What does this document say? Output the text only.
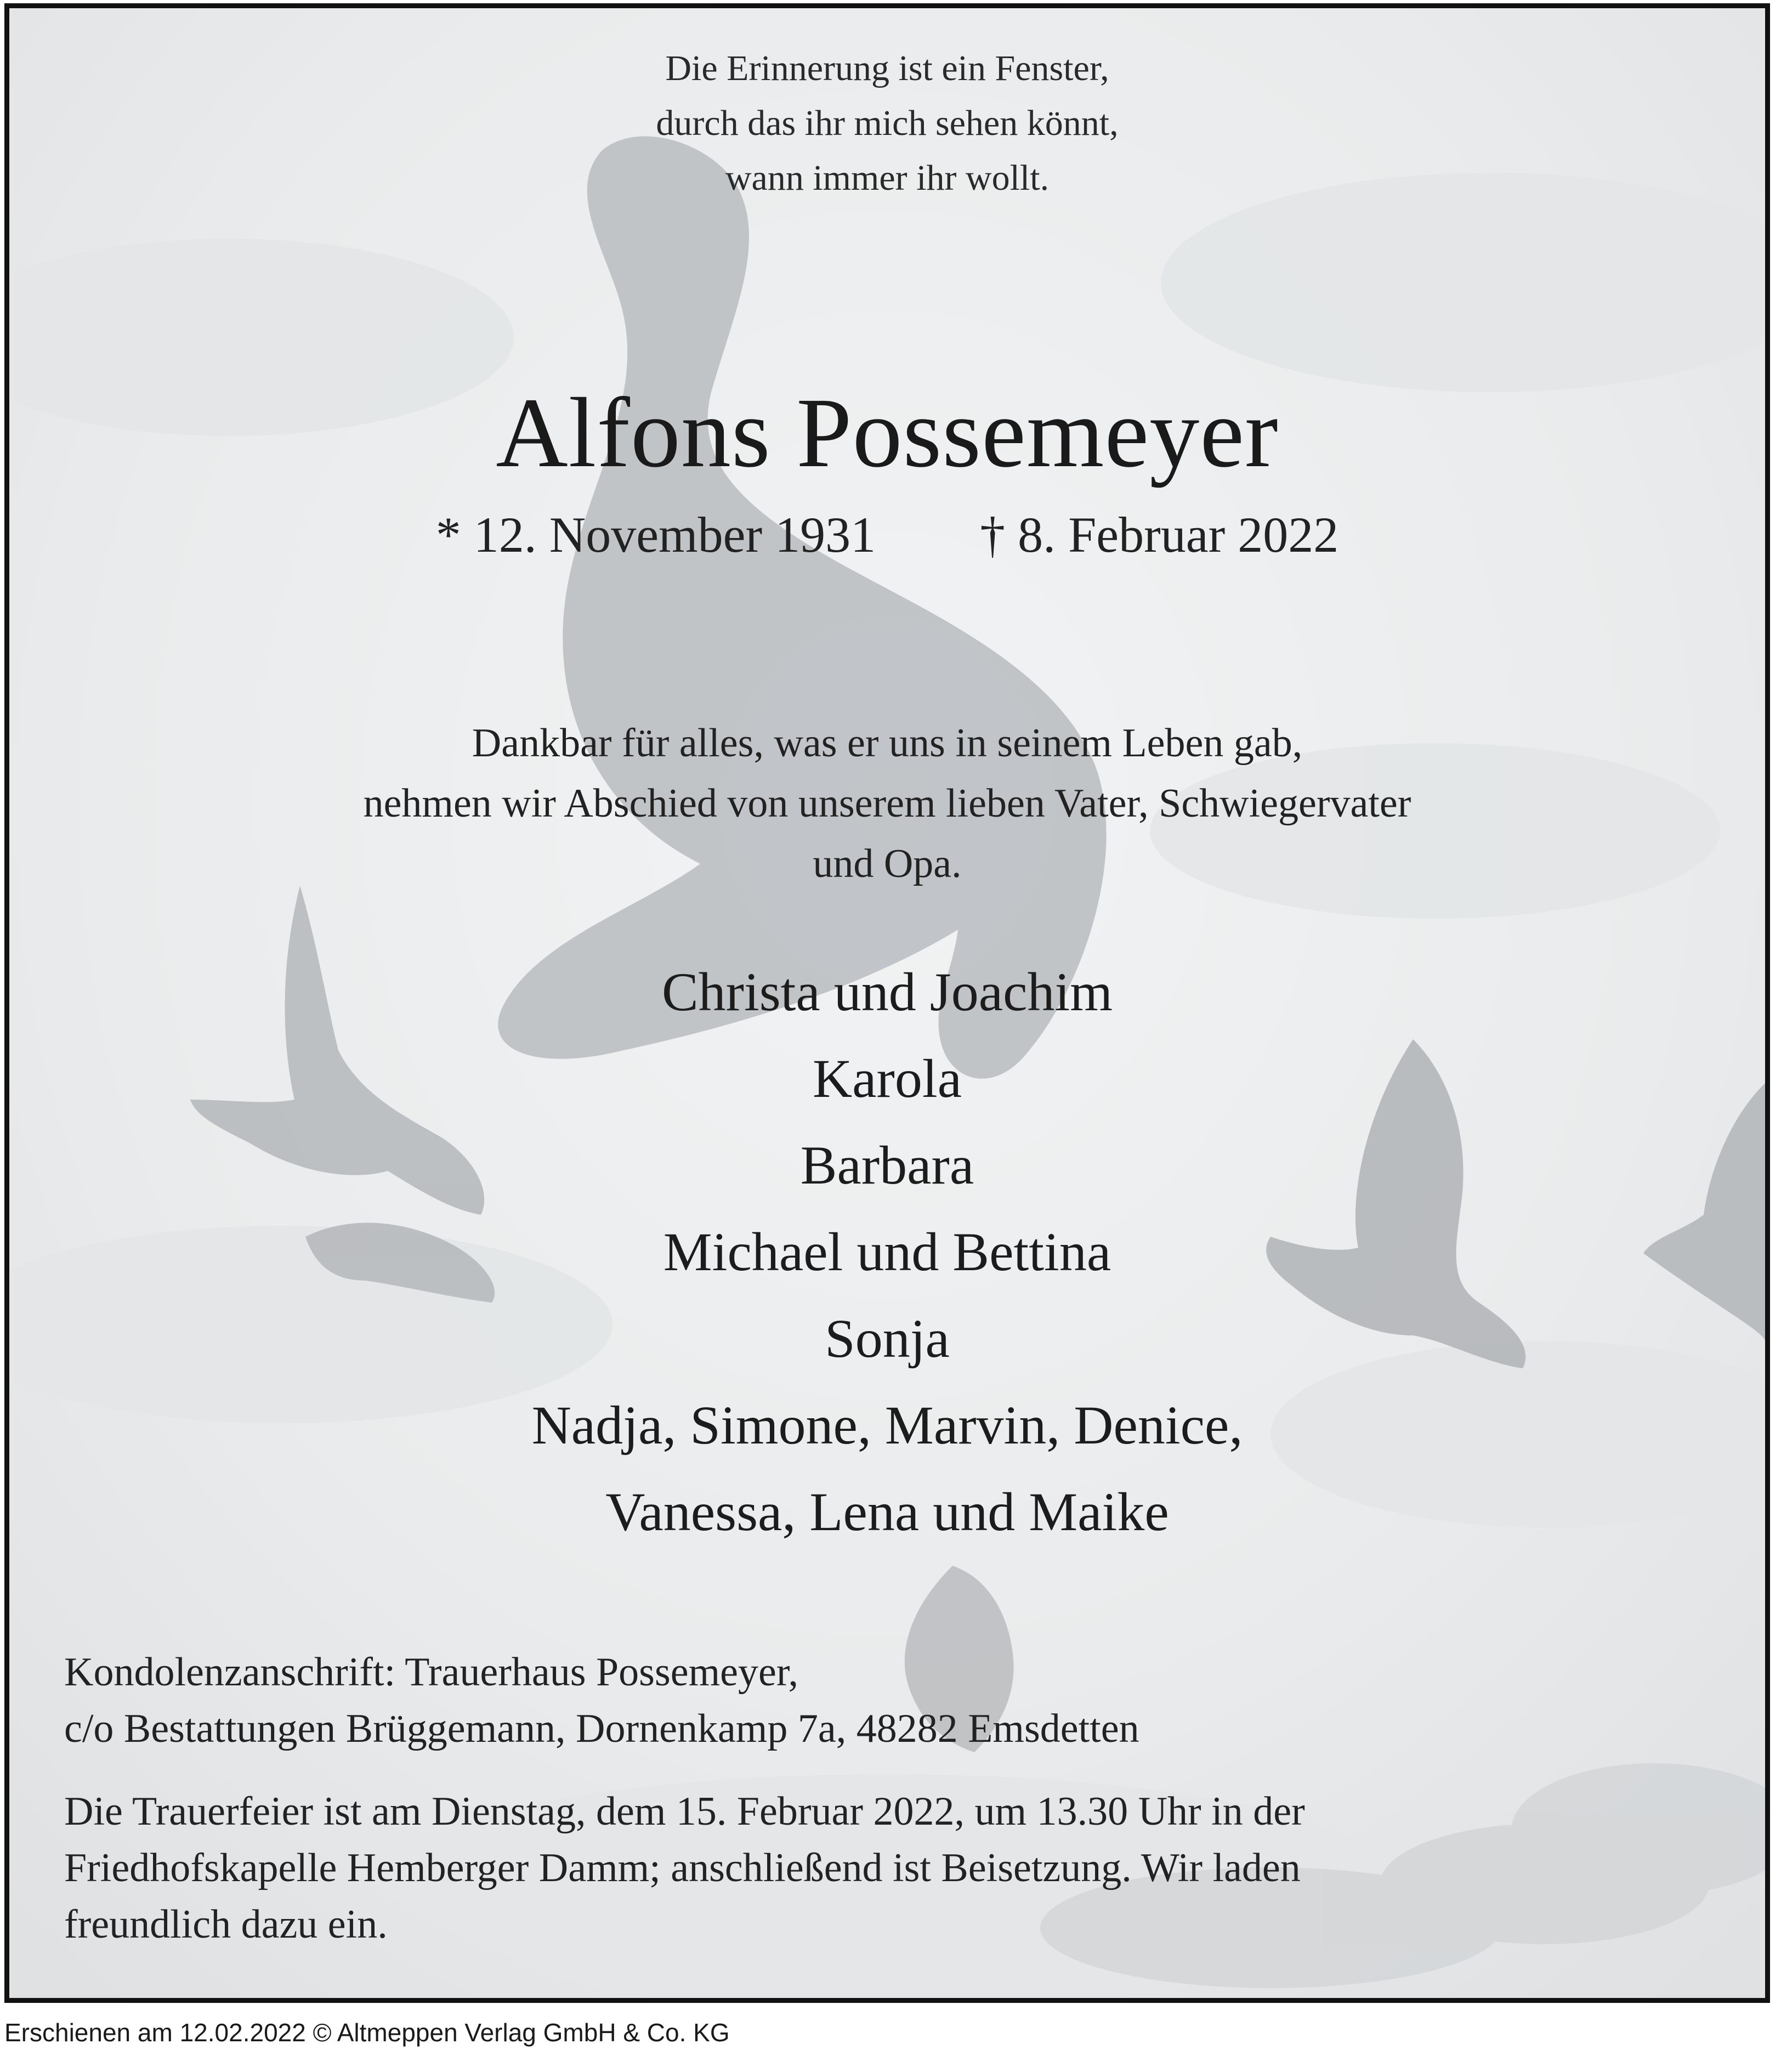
Die Erinnerung ist ein Fenster,
durch das ihr mich sehen könnt,
wann immer ihr wollt.
Alfons Possemeyer
* 12. November 1931 † 8. Februar 2022
Dankbar für alles, was er uns in seinem Leben gab,
nehmen wir Abschied von unserem lieben Vater, Schwiegervater
und Opa.
Christa und Joachim
Karola
Barbara
Michael und Bettina
Sonja
Nadja, Simone, Marvin, Denice,
Vanessa, Lena und Maike
Kondolenzanschrift: Trauerhaus Possemeyer,
c/o Bestattungen Brüggemann, Dornenkamp 7a, 48282 Emsdetten
Die Trauerfeier ist am Dienstag, dem 15. Februar 2022, um 13.30 Uhr in der
Friedhofskapelle Hemberger Damm; anschließend ist Beisetzung. Wir laden
freundlich dazu ein.
Erschienen am 12.02.2022 © Altmeppen Verlag GmbH & Co. KG
